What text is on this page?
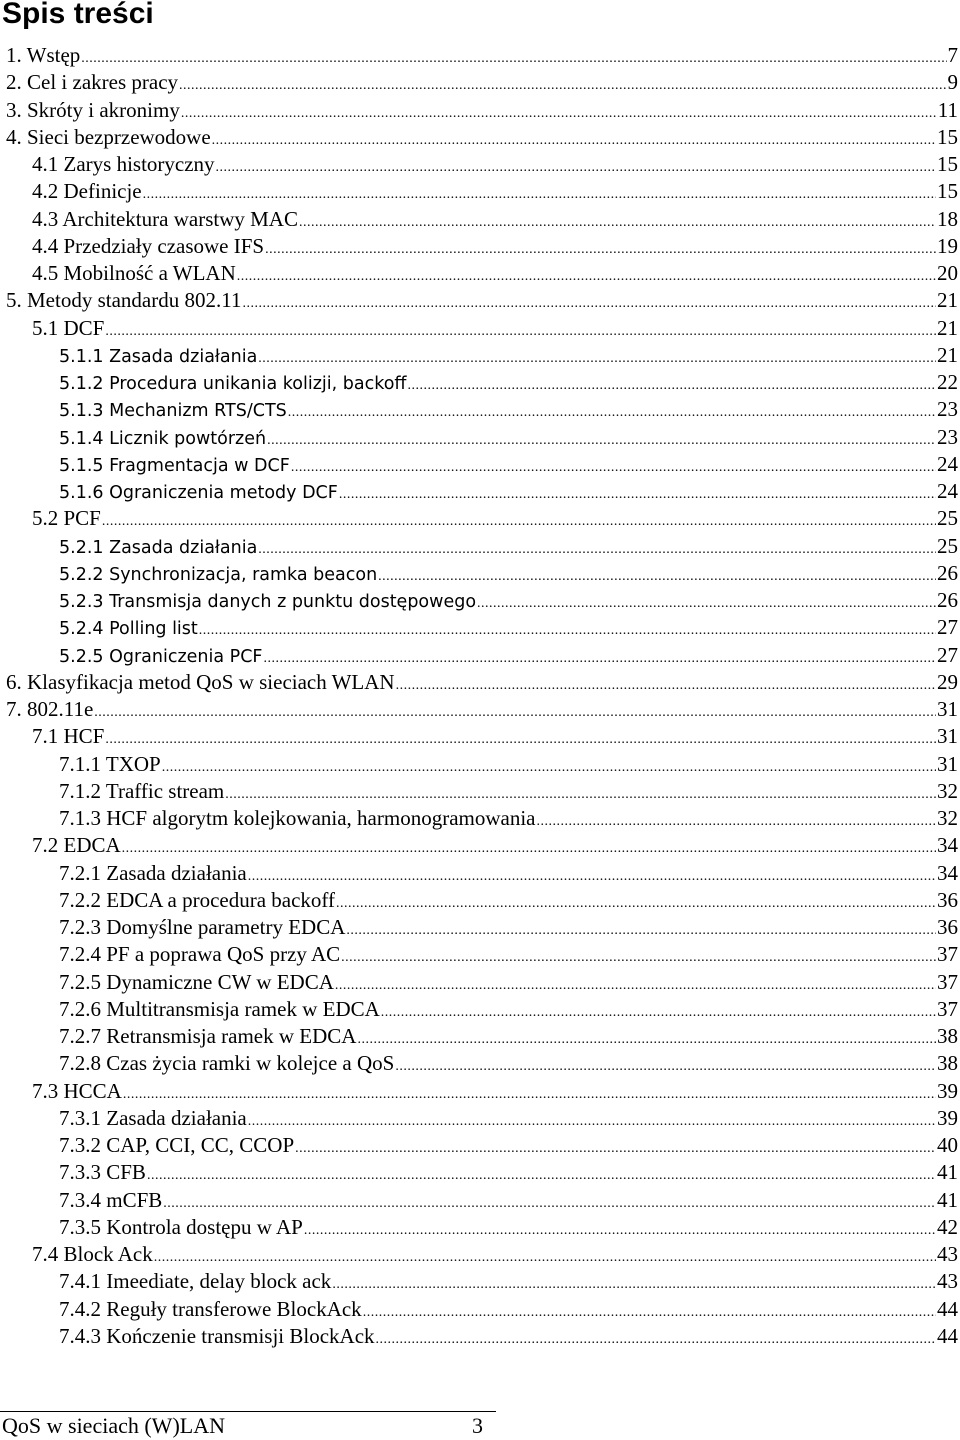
Spis treści
1. Wstęp .....	7
2. Cel i zakres pracy .....	9
3. Skróty i akronimy .....	11
4. Sieci bezprzewodowe .....	15
4.1 Zarys historyczny .....	15
4.2 Definicje .....	15
4.3 Architektura warstwy MAC .....	18
4.4 Przedziały czasowe IFS .....	19
4.5 Mobilność a WLAN .....	20
5. Metody standardu 802.11 .....	21
5.1 DCF .....	21
5.1.1 Zasada działania .....	21
5.1.2 Procedura unikania kolizji, backoff .....	22
5.1.3 Mechanizm RTS/CTS .....	23
5.1.4 Licznik powtórzeń .....	23
5.1.5 Fragmentacja w DCF .....	24
5.1.6 Ograniczenia metody DCF .....	24
5.2 PCF .....	25
5.2.1 Zasada działania .....	25
5.2.2 Synchronizacja, ramka beacon .....	26
5.2.3 Transmisja danych z punktu dostępowego .....	26
5.2.4 Polling list .....	27
5.2.5 Ograniczenia PCF .....	27
6. Klasyfikacja metod QoS w sieciach WLAN .....	29
7. 802.11e .....	31
7.1 HCF .....	31
7.1.1 TXOP .....	31
7.1.2 Traffic stream .....	32
7.1.3 HCF algorytm kolejkowania, harmonogramowania .....	32
7.2 EDCA .....	34
7.2.1 Zasada działania .....	34
7.2.2 EDCA a procedura backoff .....	36
7.2.3 Domyślne parametry EDCA .....	36
7.2.4 PF a poprawa QoS przy AC .....	37
7.2.5 Dynamiczne CW w EDCA .....	37
7.2.6 Multitransmisja ramek w EDCA .....	37
7.2.7 Retransmisja ramek w EDCA .....	38
7.2.8 Czas życia ramki w kolejce a QoS .....	38
7.3 HCCA .....	39
7.3.1 Zasada działania .....	39
7.3.2 CAP, CCI, CC, CCOP .....	40
7.3.3 CFB .....	41
7.3.4 mCFB .....	41
7.3.5 Kontrola dostępu w AP .....	42
7.4 Block Ack .....	43
7.4.1 Imeediate, delay block ack .....	43
7.4.2 Reguły transferowe BlockAck .....	44
7.4.3 Kończenie transmisji BlockAck .....	44
QoS w sieciach (W)LAN	3
